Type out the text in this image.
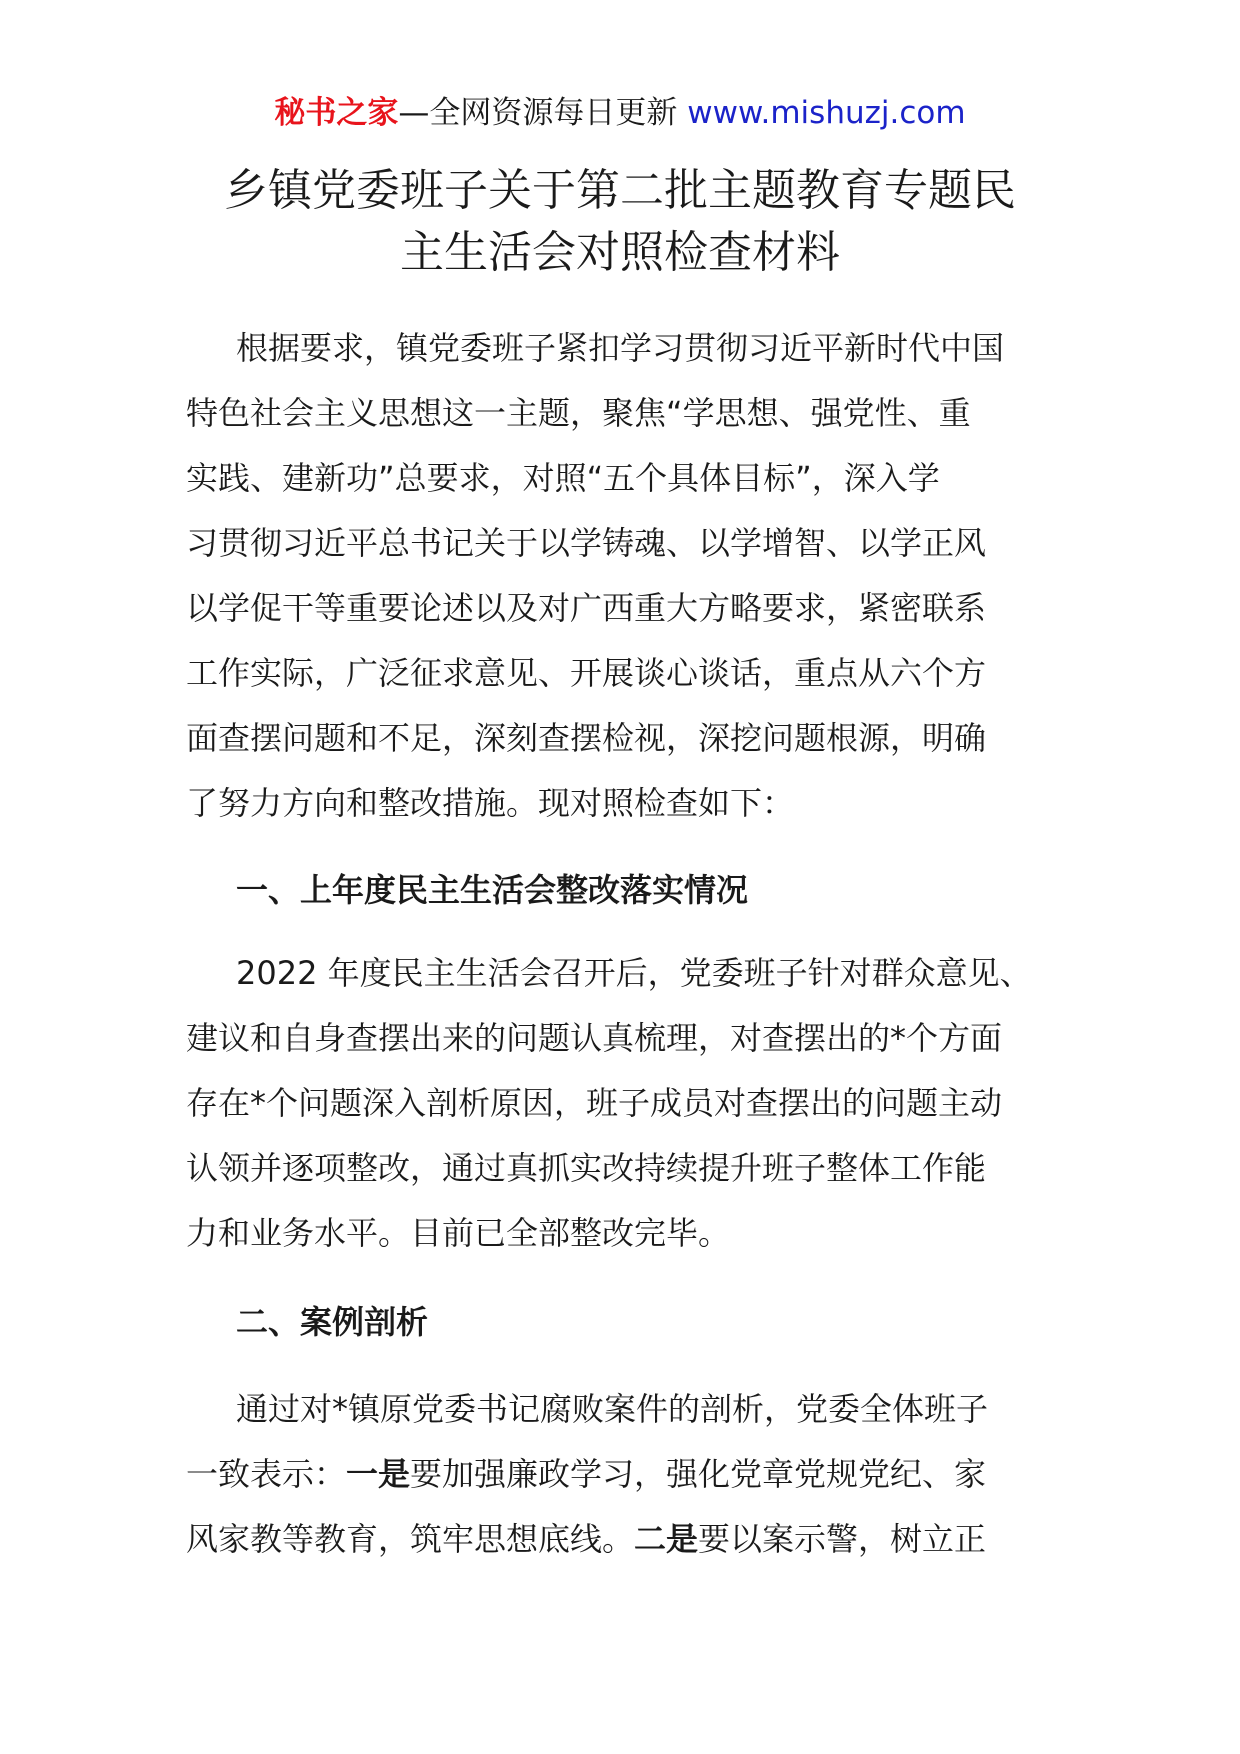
秘书之家—全网资源每日更新 www.mishuzj.com
乡镇党委班子关于第二批主题教育专题民
主生活会对照检查材料
根据要求，镇党委班子紧扣学习贯彻习近平新时代中国
特色社会主义思想这一主题，聚焦“学思想、强党性、重
实践、建新功”总要求，对照“五个具体目标”，深入学
习贯彻习近平总书记关于以学铸魂、以学增智、以学正风
以学促干等重要论述以及对广西重大方略要求，紧密联系
工作实际，广泛征求意见、开展谈心谈话，重点从六个方
面查摆问题和不足，深刻查摆检视，深挖问题根源，明确
了努力方向和整改措施。现对照检查如下：
一、上年度民主生活会整改落实情况
2022 年度民主生活会召开后，党委班子针对群众意见、
建议和自身查摆出来的问题认真梳理，对查摆出的*个方面
存在*个问题深入剖析原因，班子成员对查摆出的问题主动
认领并逐项整改，通过真抓实改持续提升班子整体工作能
力和业务水平。目前已全部整改完毕。
二、案例剖析
通过对*镇原党委书记腐败案件的剖析，党委全体班子
一致表示：一是要加强廉政学习，强化党章党规党纪、家
风家教等教育，筑牢思想底线。二是要以案示警，树立正
